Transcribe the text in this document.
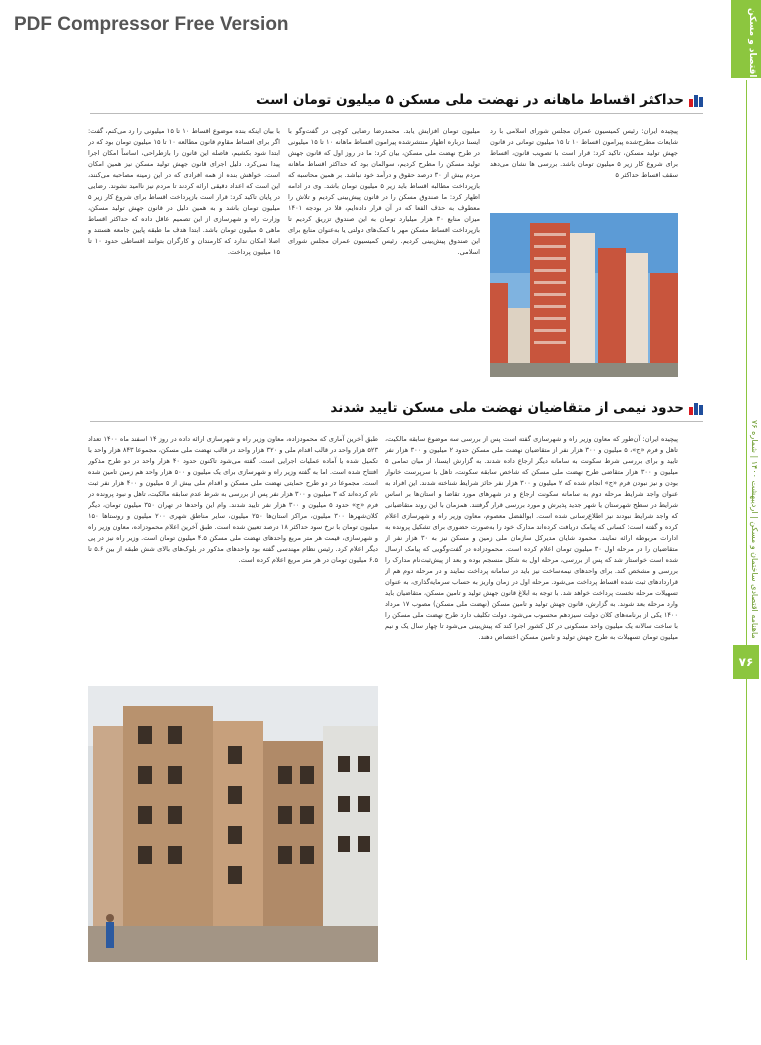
PDF Compressor Free Version	اقتصاد و مسکن
ماهنامه اقتصادی ساختمان و مسکن | اردیبهشت ۱۴۰۰ | شماره ۷۶
۷۶
حداکثر اقساط ماهانه در نهضت ملی مسکن ۵ میلیون تومان است

پیچیدہ ایران: رئیس کمیسیون عمران مجلس شورای اسلامی با رد شایعات مطرح‌شده پیرامون اقساط ۱۰ تا ۱۵ میلیون تومانی در قانون جهش تولید مسکن، تاکید کرد: قرار است با تصویب قانون، اقساط برای شروع کار زیر ۵ میلیون تومان باشد. بررسی ها نشان می‌دهد سقف اقساط حداکثر ۵

میلیون تومان افزایش یابد. محمدرضا رضایی کوچی در گفت‌وگو با ایسنا درباره اظهار منتشرشده پیرامون اقساط ماهانه ۱۰ تا ۱۵ میلیونی در طرح نهضت ملی مسکن، بیان کرد: ما در روز اول که قانون جهش تولید مسکن را مطرح کردیم، سوالمان بود که حداکثر اقساط ماهانه مردم بیش از ۳۰ درصد حقوق و درآمد خود نباشد. بر همین محاسبه که بازپرداخت مطالبه اقساط باید زیر ۵ میلیون تومان باشد. وی در ادامه اظهار کرد: ما صندوق مسکن را در قانون پیش‌بینی کردیم و تلاش را معطوف به حذف الفعا که در آن قرار داده‌ایم، قلا در بودجه ۱۴۰۱ میزان منابع ۳۰ هزار میلیارد تومان به این صندوق تزریق کردیم تا بازپرداخت اقساط مسکن مهر با کمک‌های دولتی یا به‌عنوان منابع برای این صندوق پیش‌بینی کردیم. رئیس کمیسیون عمران مجلس شورای اسلامی.

با بیان اینکه بنده موضوع اقساط ۱۰ تا ۱۵ میلیونی را رد می‌کنم، گفت: اگر برای اقساط مقاوم قانون مطالعه ۱۰ تا ۱۵ میلیون تومان بود که در ابتدا شود بکشیم، فاصله این قانون را بازطراحی، اساساً امکان اجرا پیدا نمی‌کرد. دلیل اجرای قانون جهش تولید مسکن نیز همین امکان است. خواهش بنده از همه افرادی که در این زمینه مصاحبه می‌کنند، این است که اعداد دقیقی ارائه کردند تا مردم نیز ناامید نشوند. رضایی در پایان تاکید کرد: قرار است بازپرداخت اقساط برای شروع کار زیر ۵ میلیون تومان باشد و به همین دلیل در قانون جهش تولید مسکن، وزارت راه و شهرسازی از این تصمیم عاقل داده که حداکثر اقساط ماهی ۵ میلیون تومان باشد. ابتدا هدف ما طبقه پایین جامعه هستند و اصلا امکان ندارد که کارمندان و کارگران بتوانند اقساطی حدود ۱۰ تا ۱۵ میلیون پرداخت.

حدود نیمی از متقاضیان نهضت ملی مسکن تایید شدند

پیچیده ایران: آن‌طور که معاون وزیر راه و شهرسازی گفته است پس از بررسی سه موضوع سابقه مالکیت، تاهل و فرم «ج»، ۵ میلیون و ۳۰۰ هزار نفر از متقاضیان نهضت ملی مسکن حدود ۲ میلیون و ۳۰۰ هزار نفر تایید و برای بررسی شرط سکونت به سامانه دیگر ارجاع داده شدند. به گزارش ایسنا، از میان تمامی ۵ میلیون و ۳۰۰ هزار متقاضی طرح نهضت ملی مسکن که شاخص سابقه سکونت، تاهل با سرپرست خانوار بودن و نیز نبودن فرم «ج» انجام شده که ۲ میلیون و ۳۰۰ هزار نفر حائز شرایط شناخته شدند. این افراد به عنوان واجد شرایط مرحله دوم به سامانه سکونت ارجاع و در شهرهای مورد تقاضا و استان‌ها بر اساس شرایط در سطح شهرستان یا شهر جدید پذیرش و مورد بررسی قرار گرفتند. همزمان با این روند متقاضیانی که واجد شرایط نبودند نیز اطلاع‌رسانی شده است. ابوالفضل معصوم، معاون وزیر راه و شهرسازی اعلام کرده و گفته است: کسانی که پیامک دریافت کرده‌اند مدارک خود را به‌صورت حضوری برای تشکیل پرونده به ادارات مربوطه ارائه نمایند. محمود شایان مدیرکل سازمان ملی زمین و مسکن نیز به ۳۰ هزار نفر از متقاضیان را در مرحله اول ۳۰ میلیون تومان اعلام کرده است. محمودزاده در گفت‌وگویی که پیامک ارسال شده است خواستار شد که پس از بررسی، مرحله اول به شکل منسجم بوده و بعد از پیش‌ثبت‌نام مدارک را بررسی و مشخص کند. برای واحدهای نیمه‌ساخت نیز باید در سامانه پرداخت نمایند و در مرحله دوم هم از قراردادهای ثبت شده اقساط پرداخت می‌شود. مرحله اول در زمان واریز به حساب سرمایه‌گذاری، به عنوان تسهیلات مرحله نخست پرداخت خواهد شد. با توجه به ابلاغ قانون جهش تولید و تامین مسکن، متقاضیان باید وارد مرحله بعد شوند. به گزارش، قانون جهش تولید و تامین مسکن (نهضت ملی مسکن) مصوب ۱۷ مرداد ۱۴۰۰ یکی از برنامه‌های کلان دولت سیزدهم محسوب می‌شود. دولت تکلیف دارد طرح نهضت ملی مسکن را با ساخت سالانه یک میلیون واحد مسکونی در کل کشور اجرا کند که پیش‌بینی می‌شود تا چهار سال یک و نیم میلیون تومان تسهیلات به طرح جهش تولید و تامین مسکن اختصاص دهند.

طبق آخرین آماری که محمودزاده، معاون وزیر راه و شهرسازی ارائه داده در روز ۱۴ اسفند ماه ۱۴۰۰ تعداد ۵۲۳ هزار واحد در قالب اقدام ملی و ۳۲۰ هزار واحد در قالب نهضت ملی مسکن، مجموعا ۸۴۳ هزار واحد با تکمیل شده یا آماده عملیات اجرایی است. گفته می‌شود تاکنون حدود ۴۰ هزار واحد در دو طرح مذکور افتتاح شده است. اما به گفته وزیر راه و شهرسازی برای یک میلیون و ۵۰۰ هزار واحد هم زمین تامین شده است. مجموعا در دو طرح حمایتی نهضت ملی مسکن و اقدام ملی بیش از ۵ میلیون و ۴۰۰ هزار نفر ثبت نام کرده‌اند که ۳ میلیون و ۳۰۰ هزار نفر پس از بررسی به شرط عدم سابقه مالکیت، تاهل و نبود پرونده در فرم «ج» حدود ۵ میلیون و ۳۰۰ هزار نفر تایید شدند. وام این واحدها در تهران ۳۵۰ میلیون تومان، دیگر کلان‌شهرها ۳۰۰ میلیون، مراکز استان‌ها ۲۵۰ میلیون، سایر مناطق شهری ۲۰۰ میلیون و روستاها ۱۵۰ میلیون تومان با نرخ سود حداکثر ۱۸ درصد تعیین شده است. طبق آخرین اعلام محمودزاده، معاون وزیر راه و شهرسازی، قیمت هر متر مربع واحدهای نهضت ملی مسکن ۴.۵ میلیون تومان است. وزیر راه نیز در پی دیگر اعلام کرد. رئیس نظام مهندسی گفته بود واحدهای مذکور در بلوک‌های بالای شش طبقه از بین ۵.۶ تا ۶.۵ میلیون تومان در هر متر مربع اعلام کرده است.
